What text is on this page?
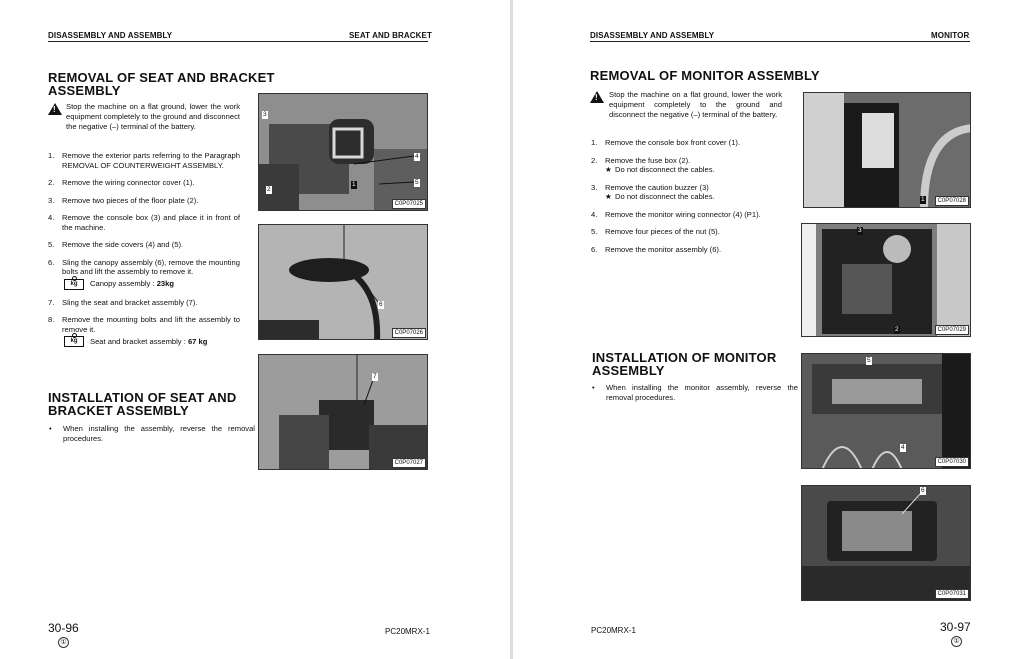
DISASSEMBLY AND ASSEMBLY	SEAT AND BRACKET
REMOVAL OF SEAT AND BRACKET ASSEMBLY
! Stop the machine on a flat ground, lower the work equipment completely to the ground and disconnect the negative (–) terminal of the battery.
1. Remove the exterior parts referring to the Paragraph REMOVAL OF COUNTERWEIGHT ASSEMBLY.
2. Remove the wiring connector cover (1).
3. Remove two pieces of the floor plate (2).
4. Remove the console box (3) and place it in front of the machine.
5. Remove the side covers (4) and (5).
6. Sling the canopy assembly (6), remove the mounting bolts and lift the assembly to remove it.
kg	Canopy assembly : 23kg
7. Sling the seat and bracket assembly (7).
8. Remove the mounting bolts and lift the assembly to remove it.
kg	Seat and bracket assembly : 67 kg
INSTALLATION OF SEAT AND BRACKET ASSEMBLY
• When installing the assembly, reverse the removal procedures.
3
1
2
4
5
C0P07025
6
C0P07026
7
C0P07027
30-96
①
PC20MRX-1
DISASSEMBLY AND ASSEMBLY	MONITOR
REMOVAL OF MONITOR ASSEMBLY
! Stop the machine on a flat ground, lower the work equipment completely to the ground and disconnect the negative (–) terminal of the battery.
1. Remove the console box front cover (1).
2. Remove the fuse box (2).
★ Do not disconnect the cables.
3. Remove the caution buzzer (3)
★ Do not disconnect the cables.
4. Remove the monitor wiring connector (4) (P1).
5. Remove four pieces of the nut (5).
6. Remove the monitor assembly (6).
INSTALLATION OF MONITOR ASSEMBLY
• When installing the monitor assembly, reverse the removal procedures.
1	C0P07028
3
2	C0P07029
5
4
C0P07030
6
C0P07031
PC20MRX-1	30-97
①
